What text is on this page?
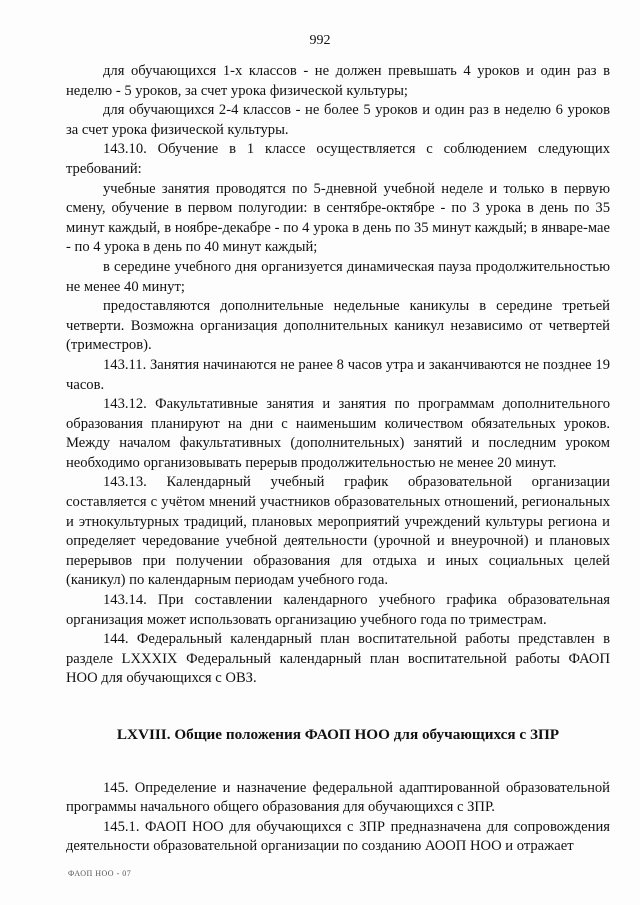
992

для обучающихся 1-х классов - не должен превышать 4 уроков и один раз в неделю - 5 уроков, за счет урока физической культуры;

для обучающихся 2-4 классов - не более 5 уроков и один раз в неделю 6 уроков за счет урока физической культуры.

143.10. Обучение в 1 классе осуществляется с соблюдением следующих требований:

учебные занятия проводятся по 5-дневной учебной неделе и только в первую смену, обучение в первом полугодии: в сентябре-октябре - по 3 урока в день по 35 минут каждый, в ноябре-декабре - по 4 урока в день по 35 минут каждый; в январе-мае - по 4 урока в день по 40 минут каждый;

в середине учебного дня организуется динамическая пауза продолжительностью не менее 40 минут;

предоставляются дополнительные недельные каникулы в середине третьей четверти. Возможна организация дополнительных каникул независимо от четвертей (триместров).

143.11. Занятия начинаются не ранее 8 часов утра и заканчиваются не позднее 19 часов.

143.12. Факультативные занятия и занятия по программам дополнительного образования планируют на дни с наименьшим количеством обязательных уроков. Между началом факультативных (дополнительных) занятий и последним уроком необходимо организовывать перерыв продолжительностью не менее 20 минут.

143.13. Календарный учебный график образовательной организации составляется с учётом мнений участников образовательных отношений, региональных и этнокультурных традиций, плановых мероприятий учреждений культуры региона и определяет чередование учебной деятельности (урочной и внеурочной) и плановых перерывов при получении образования для отдыха и иных социальных целей (каникул) по календарным периодам учебного года.

143.14. При составлении календарного учебного графика образовательная организация может использовать организацию учебного года по триместрам.

144. Федеральный календарный план воспитательной работы представлен в разделе LXXXIX Федеральный календарный план воспитательной работы ФАОП НОО для обучающихся с ОВЗ.

LXVIII. Общие положения ФАОП НОО для обучающихся с ЗПР

145. Определение и назначение федеральной адаптированной образовательной программы начального общего образования для обучающихся с ЗПР.

145.1. ФАОП НОО для обучающихся с ЗПР предназначена для сопровождения деятельности образовательной организации по созданию АООП НОО и отражает

ФАОП НОО - 07
